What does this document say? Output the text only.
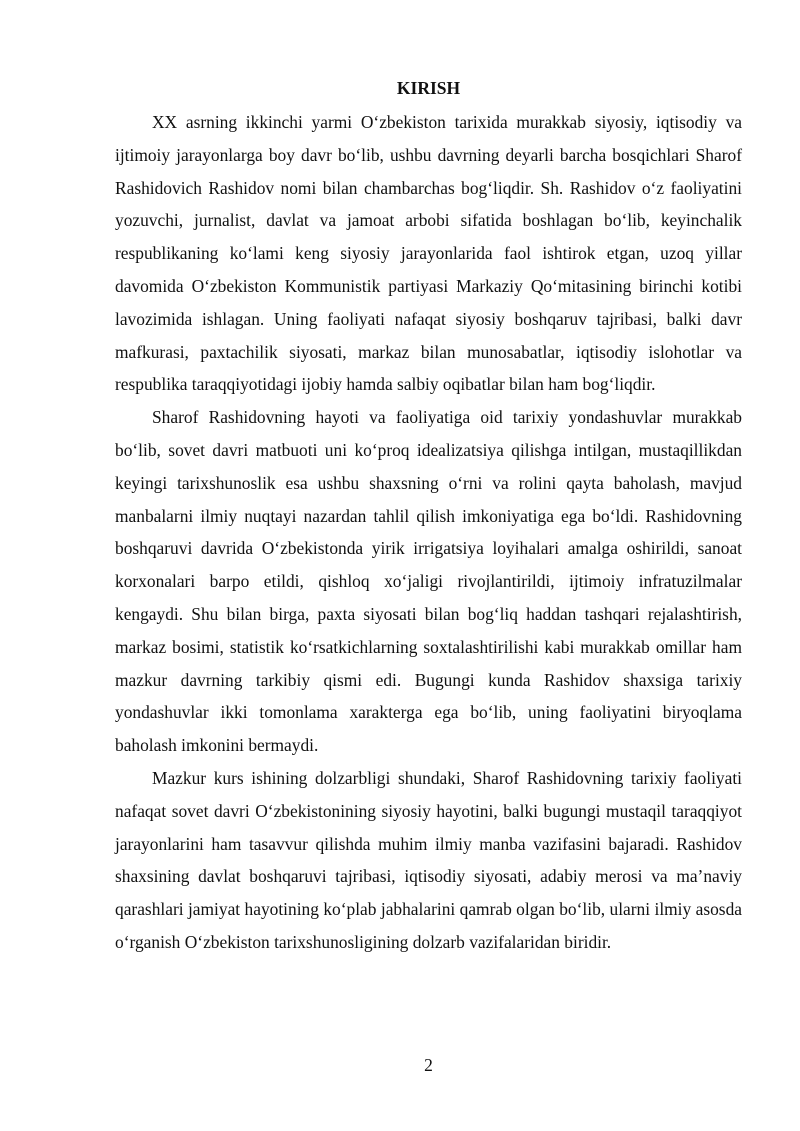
KIRISH

XX asrning ikkinchi yarmi O‘zbekiston tarixida murakkab siyosiy, iqtisodiy va ijtimoiy jarayonlarga boy davr bo‘lib, ushbu davrning deyarli barcha bosqichlari Sharof Rashidovich Rashidov nomi bilan chambarchas bog‘liqdir. Sh. Rashidov o‘z faoliyatini yozuvchi, jurnalist, davlat va jamoat arbobi sifatida boshlagan bo‘lib, keyinchalik respublikaning ko‘lami keng siyosiy jarayonlarida faol ishtirok etgan, uzoq yillar davomida O‘zbekiston Kommunistik partiyasi Markaziy Qo‘mitasining birinchi kotibi lavozimida ishlagan. Uning faoliyati nafaqat siyosiy boshqaruv tajribasi, balki davr mafkurasi, paxtachilik siyosati, markaz bilan munosabatlar, iqtisodiy islohotlar va respublika taraqqiyotidagi ijobiy hamda salbiy oqibatlar bilan ham bog‘liqdir.

Sharof Rashidovning hayoti va faoliyatiga oid tarixiy yondashuvlar murakkab bo‘lib, sovet davri matbuoti uni ko‘proq idealizatsiya qilishga intilgan, mustaqillikdan keyingi tarixshunoslik esa ushbu shaxsning o‘rni va rolini qayta baholash, mavjud manbalarni ilmiy nuqtayi nazardan tahlil qilish imkoniyatiga ega bo‘ldi. Rashidovning boshqaruvi davrida O‘zbekistonda yirik irrigatsiya loyihalari amalga oshirildi, sanoat korxonalari barpo etildi, qishloq xo‘jaligi rivojlantirildi, ijtimoiy infratuzilmalar kengaydi. Shu bilan birga, paxta siyosati bilan bog‘liq haddan tashqari rejalashtirish, markaz bosimi, statistik ko‘rsatkichlarning soxtalashtirilishi kabi murakkab omillar ham mazkur davrning tarkibiy qismi edi. Bugungi kunda Rashidov shaxsiga tarixiy yondashuvlar ikki tomonlama xarakterga ega bo‘lib, uning faoliyatini biryoqlama baholash imkonini bermaydi.

Mazkur kurs ishining dolzarbligi shundaki, Sharof Rashidovning tarixiy faoliyati nafaqat sovet davri O‘zbekistonining siyosiy hayotini, balki bugungi mustaqil taraqqiyot jarayonlarini ham tasavvur qilishda muhim ilmiy manba vazifasini bajaradi. Rashidov shaxsining davlat boshqaruvi tajribasi, iqtisodiy siyosati, adabiy merosi va ma’naviy qarashlari jamiyat hayotining ko‘plab jabhalarini qamrab olgan bo‘lib, ularni ilmiy asosda o‘rganish O‘zbekiston tarixshunosligining dolzarb vazifalaridan biridir.

2
